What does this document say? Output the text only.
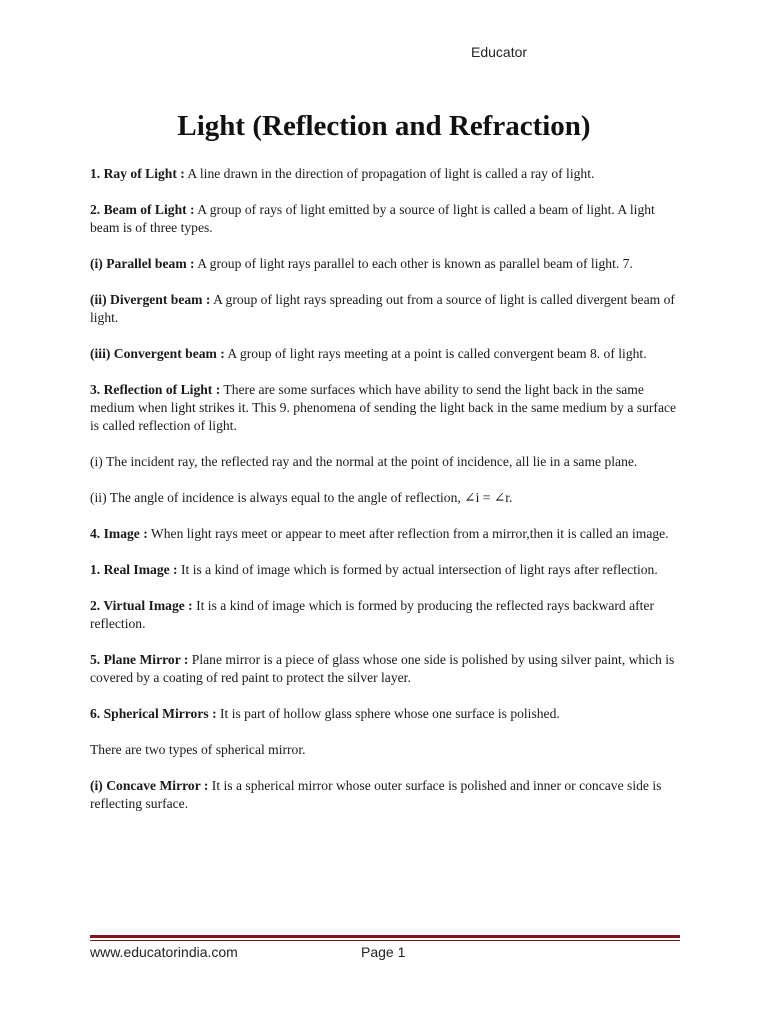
Educator
Light (Reflection and Refraction)

1. Ray of Light : A line drawn in the direction of propagation of light is called a ray of light.

2. Beam of Light : A group of rays of light emitted by a source of light is called a beam of light. A light beam is of three types.

(i) Parallel beam : A group of light rays parallel to each other is known as parallel beam of light. 7.

(ii) Divergent beam : A group of light rays spreading out from a source of light is called divergent beam of light.

(iii) Convergent beam : A group of light rays meeting at a point is called convergent beam 8. of light.

3. Reflection of Light : There are some surfaces which have ability to send the light back in the same medium when light strikes it. This 9. phenomena of sending the light back in the same medium by a surface is called reflection of light.

(i) The incident ray, the reflected ray and the normal at the point of incidence, all lie in a same plane.

(ii) The angle of incidence is always equal to the angle of reflection, ∠i = ∠r.

4. Image : When light rays meet or appear to meet after reflection from a mirror,then it is called an image.

1. Real Image : It is a kind of image which is formed by actual intersection of light rays after reflection.

2. Virtual Image : It is a kind of image which is formed by producing the reflected rays backward after reflection.

5. Plane Mirror : Plane mirror is a piece of glass whose one side is polished by using silver paint, which is covered by a coating of red paint to protect the silver layer.

6. Spherical Mirrors : It is part of hollow glass sphere whose one surface is polished.

There are two types of spherical mirror.

(i) Concave Mirror : It is a spherical mirror whose outer surface is polished and inner or concave side is reflecting surface.

www.educatorindia.com	Page 1
